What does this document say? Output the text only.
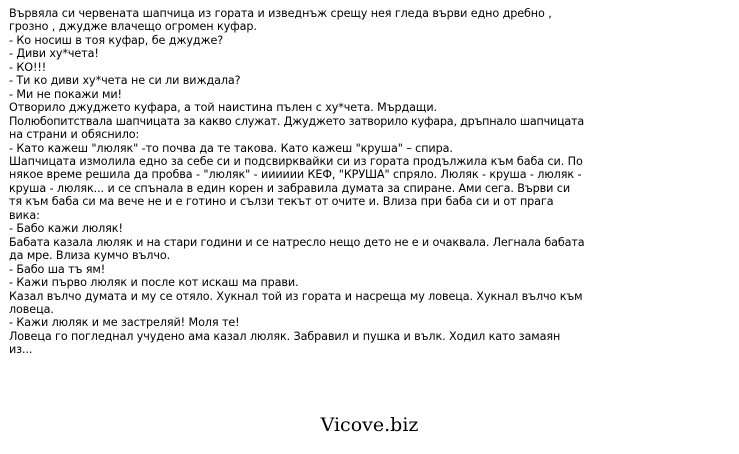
Вървяла си червената шапчица из гората и изведнъж срещу нея гледа върви едно дребно ,
грозно , джудже влачещо огромен куфар.
- Ко носиш в тоя куфар, бе джудже?
- Диви ху*чета!
- КО!!!
- Ти ко диви ху*чета не си ли виждала?
- Ми не покажи ми!
Отворило джуджето куфара, а той наистина пълен с ху*чета. Мърдащи.
Полюбопитствала шапчицата за какво служат. Джуджето затворило куфара, дръпнало шапчицата
на страни и обяснило:
- Като кажеш "люляк" -то почва да те такова. Като кажеш "круша" – спира.
Шапчицата измолила едно за себе си и подсвирквайки си из гората продължила към баба си. По
някое време решила да пробва - "люляк" - ииииии КЕФ, "КРУША" спряло. Люляк - круша - люляк -
круша - люляк... и се спънала в един корен и забравила думата за спиране. Ами сега. Върви си
тя към баба си ма вече не и е готино и сълзи текът от очите и. Влиза при баба си и от прага
вика:
- Бабо кажи люляк!
Бабата казала люляк и на стари години и се натресло нещо дето не е и очаквала. Легнала бабата
да мре. Влиза кумчо вълчо.
- Бабо ша тъ ям!
- Кажи първо люляк и после кот искаш ма прави.
Казал вълчо думата и му се отяло. Хукнал той из гората и насреща му ловеца. Хукнал вълчо към
ловеца.
- Кажи люляк и ме застреляй! Моля те!
Ловеца го погледнал учудено ама казал люляк. Забравил и пушка и вълк. Ходил като замаян
из...
Vicove.biz
